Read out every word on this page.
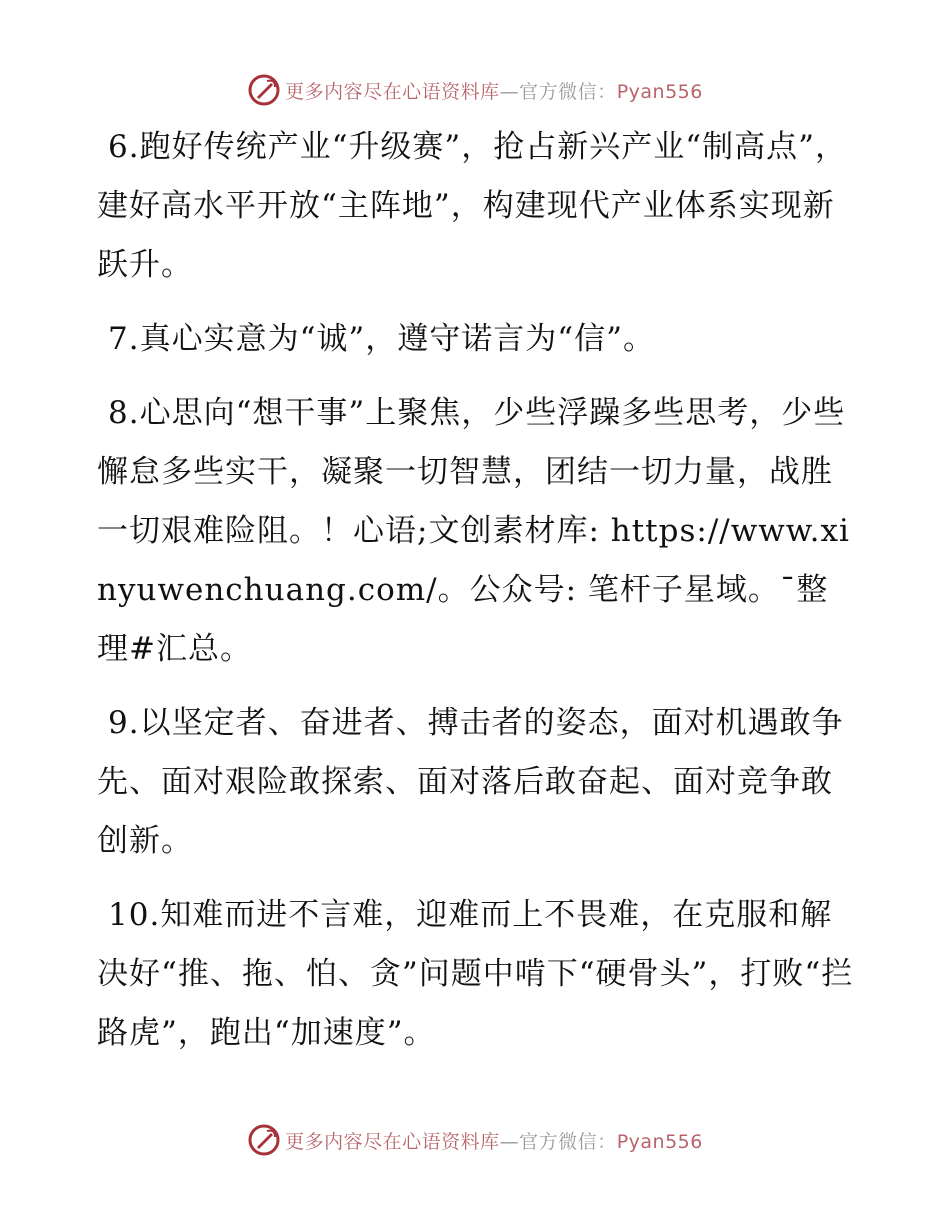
更多内容尽在心语资料库—官方微信：Pyan556

6.跑好传统产业“升级赛”，抢占新兴产业“制高点”，建好高水平开放“主阵地”，构建现代产业体系实现新跃升。

7.真心实意为“诚”，遵守诺言为“信”。

8.心思向“想干事”上聚焦，少些浮躁多些思考，少些懈怠多些实干，凝聚一切智慧，团结一切力量，战胜一切艰难险阻。！心语;文创素材库: https://www.xinyuwenchuang.com/。公众号: 笔杆子星域。¯整理#汇总。

9.以坚定者、奋进者、搏击者的姿态，面对机遇敢争先、面对艰险敢探索、面对落后敢奋起、面对竞争敢创新。

10.知难而进不言难，迎难而上不畏难，在克服和解决好“推、拖、怕、贪”问题中啃下“硬骨头”，打败“拦路虎”，跑出“加速度”。

更多内容尽在心语资料库—官方微信：Pyan556
